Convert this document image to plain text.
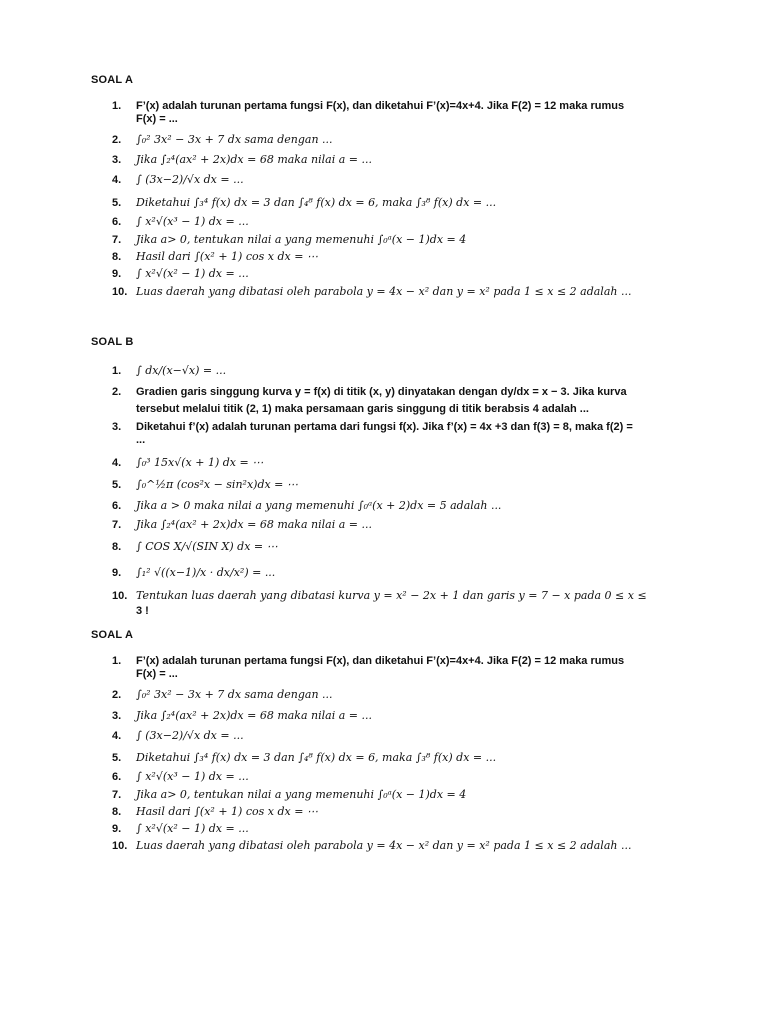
SOAL A
1. F’(x) adalah turunan pertama fungsi F(x), dan diketahui F’(x)=4x+4. Jika F(2) = 12 maka rumus
F(x) = ...
2. ∫₀² 3x² − 3x + 7 dx sama dengan ...
3. Jika ∫₂⁴(ax² + 2x)dx = 68 maka nilai a = ...
4. ∫ (3x−2)/√x dx = ...
5. Diketahui ∫₃⁴ f(x) dx = 3 dan ∫₄⁸ f(x) dx = 6, maka ∫₃⁸ f(x) dx = ...
6. ∫ x²√(x³ − 1) dx = ...
7. Jika a> 0, tentukan nilai a yang memenuhi ∫₀ᵃ(x − 1)dx = 4
8. Hasil dari ∫(x² + 1) cos x dx = ⋯
9. ∫ x²√(x² − 1) dx = ...
10. Luas daerah yang dibatasi oleh parabola y = 4x − x² dan y = x² pada 1 ≤ x ≤ 2 adalah ...
SOAL B
1. ∫ dx/(x−√x) = ...
2. Gradien garis singgung kurva y = f(x) di titik (x, y) dinyatakan dengan dy/dx = x − 3. Jika kurva
tersebut melalui titik (2, 1) maka persamaan garis singgung di titik berabsis 4 adalah ...
3. Diketahui f’(x) adalah turunan pertama dari fungsi f(x). Jika f’(x) = 4x +3 dan f(3) = 8, maka f(2) =
...
4. ∫₀³ 15x√(x + 1) dx = ⋯
5. ∫₀^½π (cos²x − sin²x)dx = ⋯
6. Jika a > 0 maka nilai a yang memenuhi ∫₀ᵃ(x + 2)dx = 5 adalah ...
7. Jika ∫₂⁴(ax² + 2x)dx = 68 maka nilai a = ...
8. ∫ COS X/√(SIN X) dx = ⋯
9. ∫₁² √((x−1)/x · dx/x²) = ...
10. Tentukan luas daerah yang dibatasi kurva y = x² − 2x + 1 dan garis y = 7 − x pada 0 ≤ x ≤
3 !
SOAL A
1. F’(x) adalah turunan pertama fungsi F(x), dan diketahui F’(x)=4x+4. Jika F(2) = 12 maka rumus
F(x) = ...
2. ∫₀² 3x² − 3x + 7 dx sama dengan ...
3. Jika ∫₂⁴(ax² + 2x)dx = 68 maka nilai a = ...
4. ∫ (3x−2)/√x dx = ...
5. Diketahui ∫₃⁴ f(x) dx = 3 dan ∫₄⁸ f(x) dx = 6, maka ∫₃⁸ f(x) dx = ...
6. ∫ x²√(x³ − 1) dx = ...
7. Jika a> 0, tentukan nilai a yang memenuhi ∫₀ᵃ(x − 1)dx = 4
8. Hasil dari ∫(x² + 1) cos x dx = ⋯
9. ∫ x²√(x² − 1) dx = ...
10. Luas daerah yang dibatasi oleh parabola y = 4x − x² dan y = x² pada 1 ≤ x ≤ 2 adalah ...
